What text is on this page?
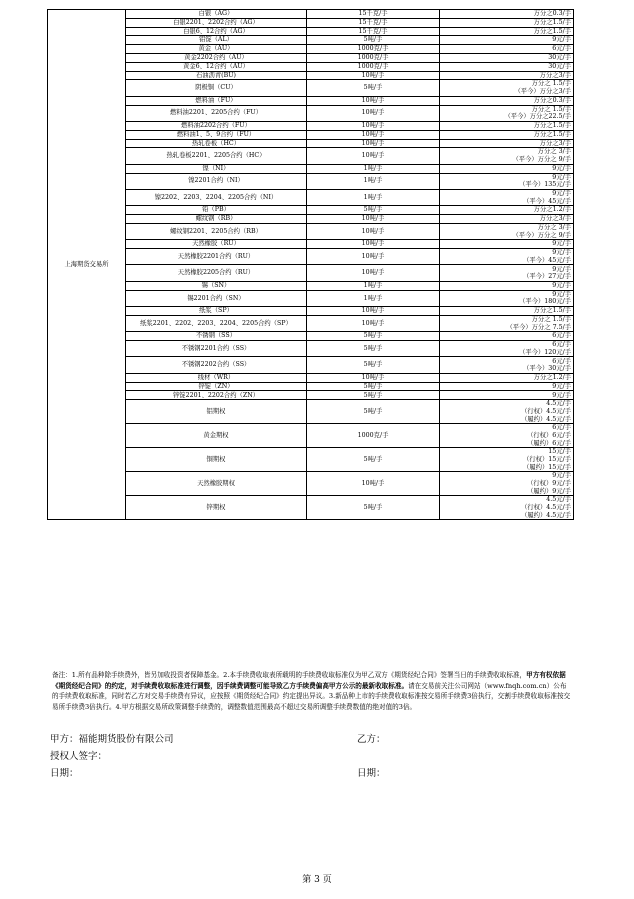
上海期货交易所	白银（AG）	15千克/手	万分之0.3/手

	白银2201、2202合约（AG）	15千克/手	万分之1.5/手

	白银6、12合约（AG）	15千克/手	万分之1.5/手

	铝锭（AL）	5吨/手	9元/手

	黄金（AU）	1000克/手	6元/手

	黄金2202合约（AU）	1000克/手	30元/手

	黄金6、12合约（AU）	1000克/手	30元/手

	石油沥青(BU)	10吨/手	万分之3/手

	阴极铜（CU）	5吨/手	万分之 1.5/手
（平今）万分之3/手

	燃料油（FU）	10吨/手	万分之0.3/手

	燃料油2201、2205合约（FU）	10吨/手	万分之 1.5/手
（平今）万分之22.5/手

	燃料油2202合约（FU）	10吨/手	万分之1.5/手

	燃料油1、5、9合约（FU）	10吨/手	万分之1.5/手

	热轧卷板（HC）	10吨/手	万分之3/手

	热轧卷板2201、2205合约（HC）	10吨/手	万分之 3/手
（平今）万分之 9/手

	镍（NI）	1吨/手	9元/手

	镍2201合约（NI）	1吨/手	9元/手
（平今）135元/手

	镍2202、2203、2204、2205合约（NI）	1吨/手	9元/手
（平今）45元/手

	铅（PB）	5吨/手	万分之1.2/手

	螺纹钢（RB）	10吨/手	万分之3/手

	螺纹钢2201、2205合约（RB）	10吨/手	万分之 3/手
（平今）万分之 9/手

	天然橡胶（RU）	10吨/手	9元/手

	天然橡胶2201合约（RU）	10吨/手	9元/手
（平今）45元/手

	天然橡胶2205合约（RU）	10吨/手	9元/手
（平今）27元/手

	锡（SN）	1吨/手	9元/手

	锡2201合约（SN）	1吨/手	9元/手
（平今）180元/手

	纸浆（SP）	10吨/手	万分之1.5/手

	纸浆2201、2202、2203、2204、2205合约（SP）	10吨/手	万分之 1.5/手
（平今）万分之 7.5/手

	不锈钢（SS）	5吨/手	6元/手

	不锈钢2201合约（SS）	5吨/手	6元/手
（平今）120元/手

	不锈钢2202合约（SS）	5吨/手	6元/手
（平今）30元/手

	线材（WR）	10吨/手	万分之1.2/手

	锌锭（ZN）	5吨/手	9元/手

	锌锭2201、2202合约（ZN）	5吨/手	9元/手

	铝期权	5吨/手	4.5元/手
（行权）4.5元/手
（履约）4.5元/手

	黄金期权	1000克/手	6元/手
（行权）6元/手
（履约）6元/手

	铜期权	5吨/手	15元/手
（行权）15元/手
（履约）15元/手

	天然橡胶期权	10吨/手	9元/手
（行权）9元/手
（履约）9元/手

	锌期权	5吨/手	4.5元/手
（行权）4.5元/手
（履约）4.5元/手
备注：1.所有品种除手续费外，皆另加收投资者保障基金。2.本手续费收取表所载明的手续费收取标准仅为甲乙双方《期货经纪合同》签署当日的手续费收取标准，甲方有权依据《期货经纪合同》的约定，对手续费收取标准进行调整，因手续费调整可能导致乙方手续费偏高甲方公示的最新收取标准。请在交易前关注公司网站（www.fnqh.com.cn）公布的手续费收取标准，同时若乙方对交易手续费有异议，应按照《期货经纪合同》约定提出异议。3.新品种上市的手续费收取标准按交易所手续费3倍执行，交割手续费收取标准按交易所手续费3倍执行。4.甲方根据交易所政策调整手续费的，调整数值范围最高不超过交易所调整手续费数值的绝对值的3倍。
甲方：福能期货股份有限公司	乙方：
授权人签字：
日期：	日期：
第 3 页
